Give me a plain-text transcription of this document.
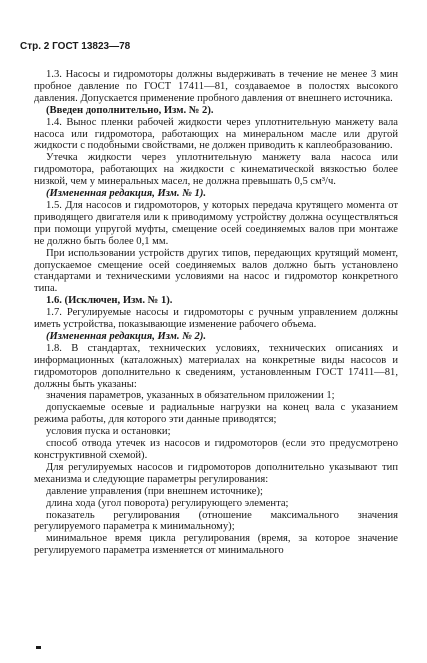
Стр. 2 ГОСТ 13823—78

1.3. Насосы и гидромоторы должны выдерживать в течение не менее 3 мин пробное давление по ГОСТ 17411—81, создаваемое в полостях высокого давления. Допускается применение пробного давления от внешнего источника.

(Введен дополнительно, Изм. № 2).

1.4. Вынос пленки рабочей жидкости через уплотнительную манжету вала насоса или гидромотора, работающих на минеральном масле или другой жидкости с подобными свойствами, не должен приводить к каплеобразованию.

Утечка жидкости через уплотнительную манжету вала насоса или гидромотора, работающих на жидкости с кинематической вязкостью более низкой, чем у минеральных масел, не должна превышать 0,5 см³/ч.

(Измененная редакция, Изм. № 1).

1.5. Для насосов и гидромоторов, у которых передача крутящего момента от приводящего двигателя или к приводимому устройству должна осуществляться при помощи упругой муфты, смещение осей соединяемых валов при монтаже не должно быть более 0,1 мм.

При использовании устройств других типов, передающих крутящий момент, допускаемое смещение осей соединяемых валов должно быть установлено стандартами и техническими условиями на насос и гидромотор конкретного типа.

1.6. (Исключен, Изм. № 1).

1.7. Регулируемые насосы и гидромоторы с ручным управлением должны иметь устройства, показывающие изменение рабочего объема.

(Измененная редакция, Изм. № 2).

1.8. В стандартах, технических условиях, технических описаниях и информационных (каталожных) материалах на конкретные виды насосов и гидромоторов дополнительно к сведениям, установленным ГОСТ 17411—81, должны быть указаны:

значения параметров, указанных в обязательном приложении 1;

допускаемые осевые и радиальные нагрузки на конец вала с указанием режима работы, для которого эти данные приводятся;

условия пуска и остановки;

способ отвода утечек из насосов и гидромоторов (если это предусмотрено конструктивной схемой).

Для регулируемых насосов и гидромоторов дополнительно указывают тип механизма и следующие параметры регулирования:

давление управления (при внешнем источнике);

длина хода (угол поворота) регулирующего элемента;

показатель регулирования (отношение максимального значения регулируемого параметра к минимальному);

минимальное время цикла регулирования (время, за которое значение регулируемого параметра изменяется от минимального
